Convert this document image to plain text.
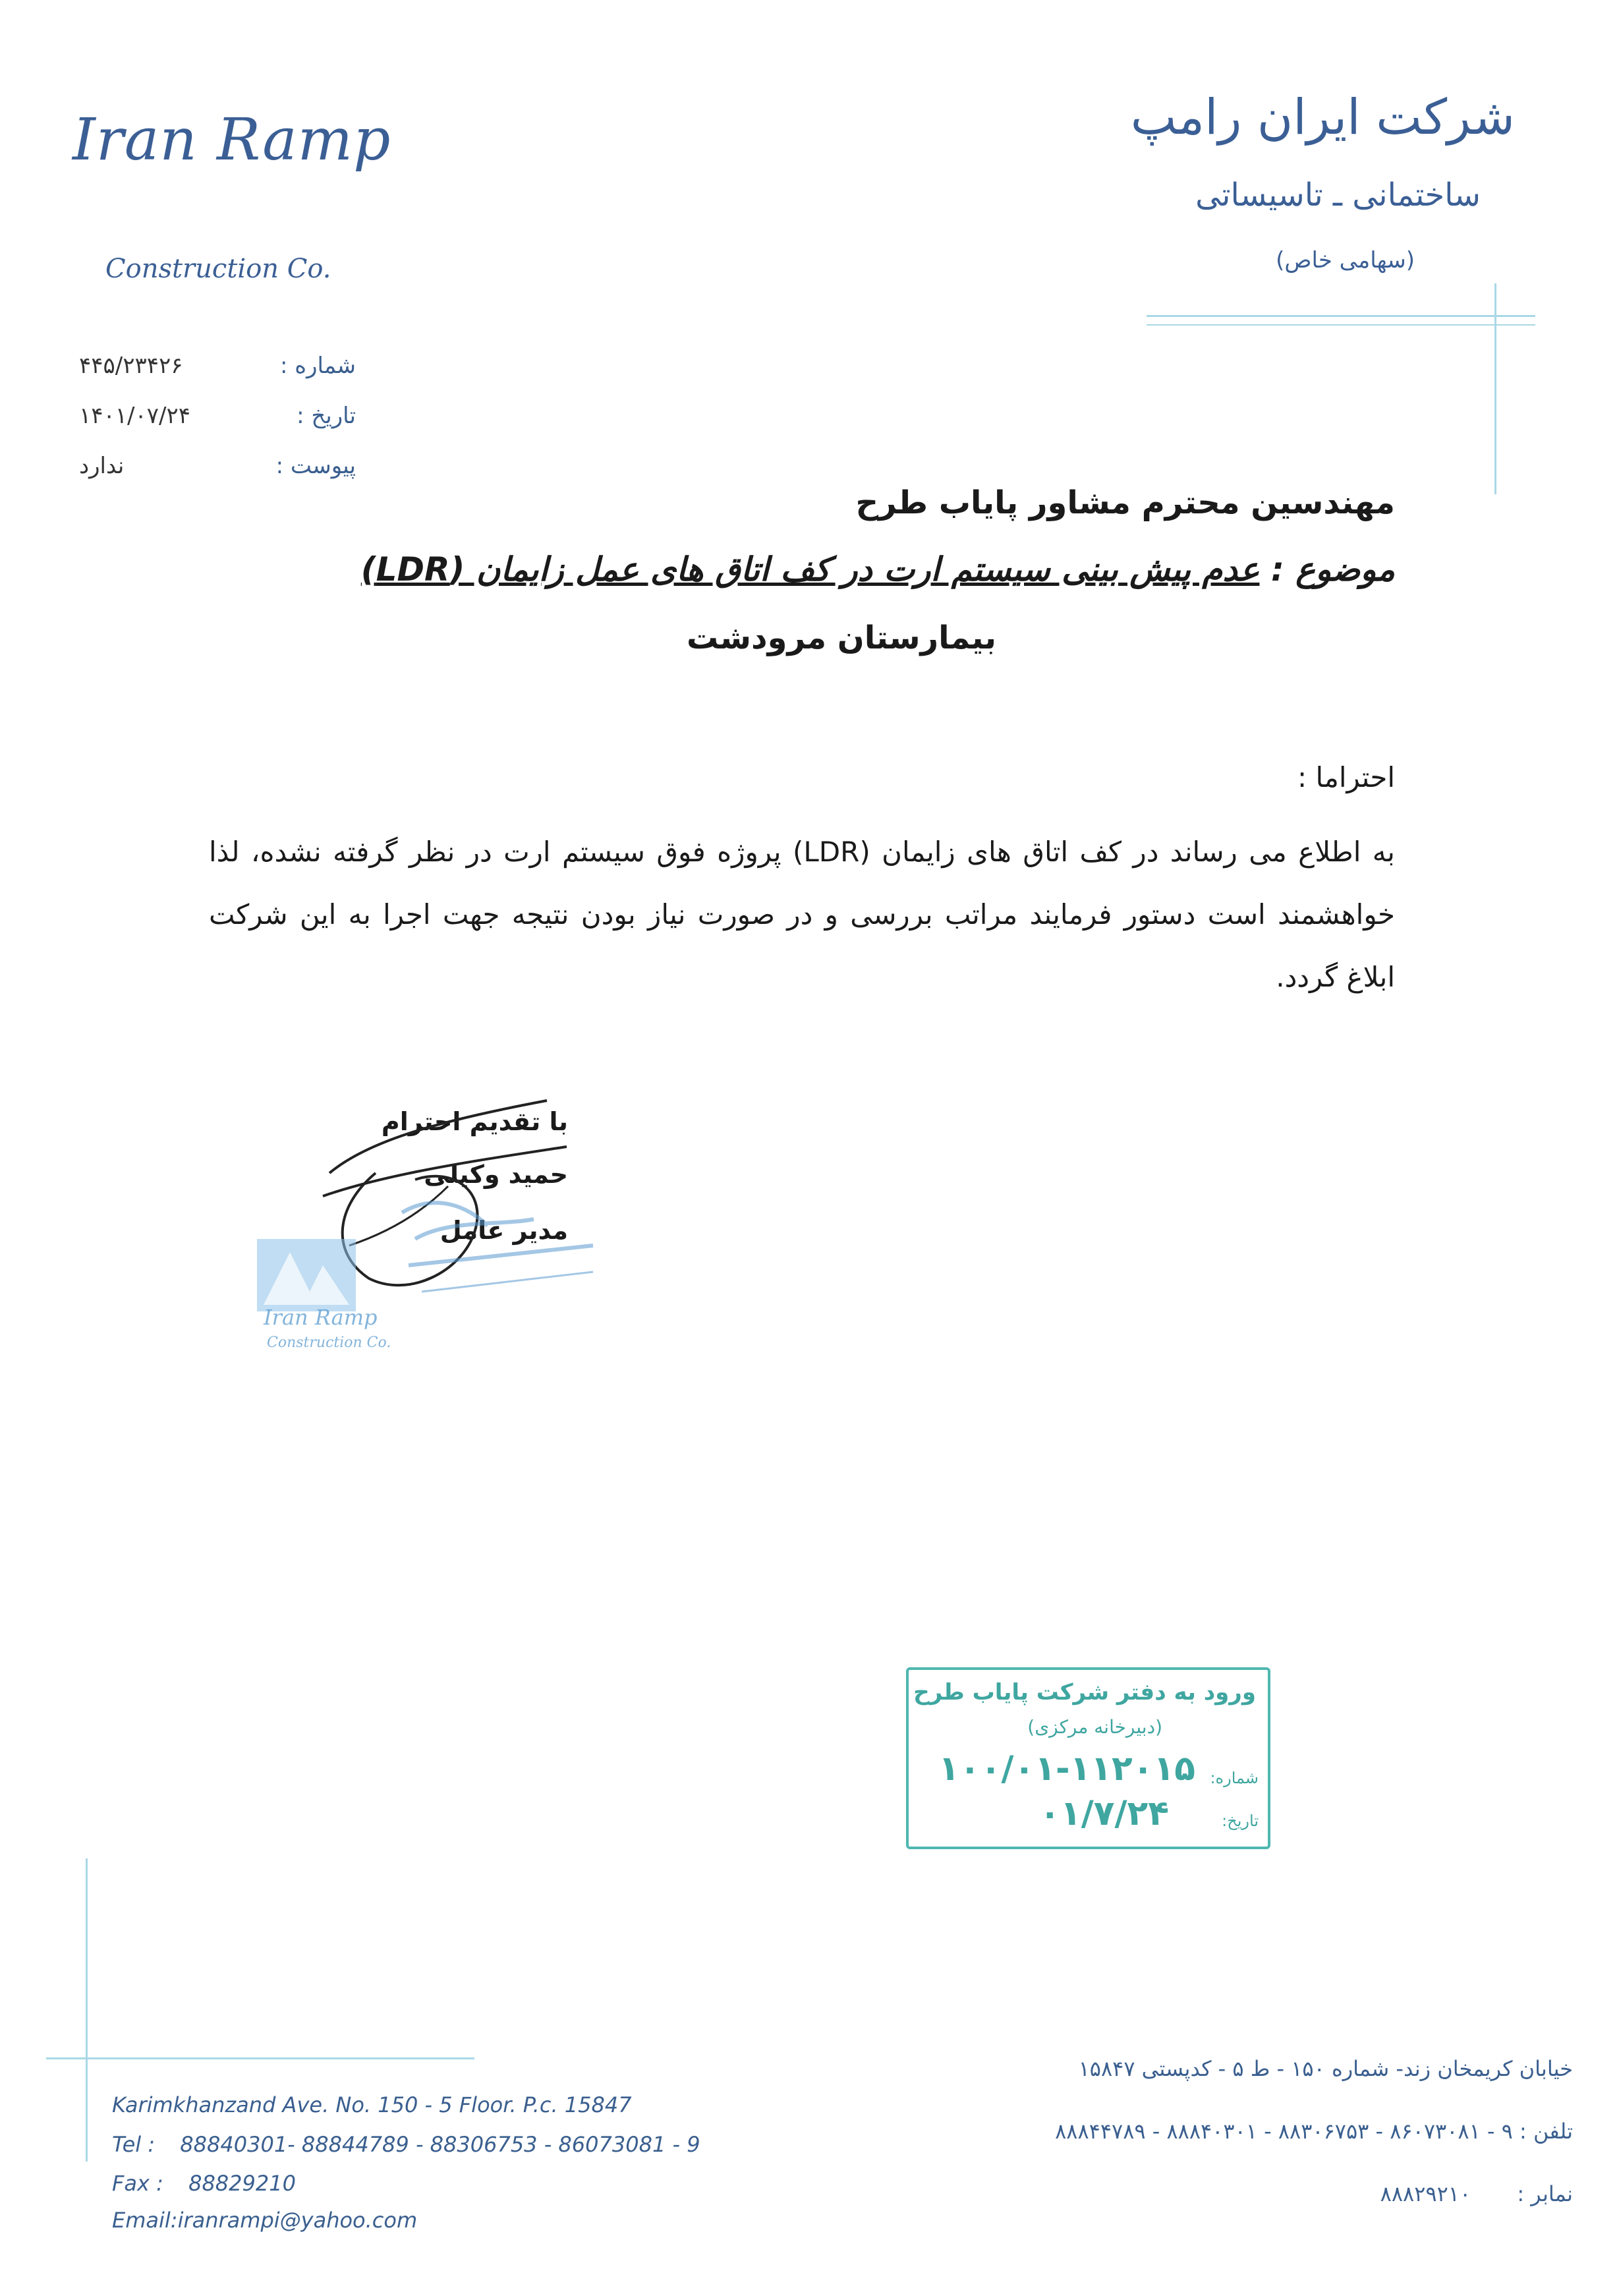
Iran Ramp
Construction Co.
شرکت ایران رامپ
ساختمانی ـ تاسیساتی
(سهامی خاص)
شماره :
۴۴۵/۲۳۴۲۶
تاریخ :
۱۴۰۱/۰۷/۲۴
پیوست :
ندارد
مهندسین محترم مشاور پایاب طرح
موضوع : عدم پیش بینی سیستم ارت در کف اتاق های عمل زایمان (LDR)
بیمارستان مرودشت
احتراما :
به اطلاع می رساند در کف اتاق های زایمان (LDR) پروژه فوق سیستم ارت در نظر گرفته نشده، لذا خواهشمند است دستور فرمایند مراتب بررسی و در صورت نیاز بودن نتیجه جهت اجرا به این شرکت ابلاغ گردد.
با تقدیم احترام
حمید وکیلی
مدیر عامل
Iran Ramp
Construction Co.
ورود به دفتر شرکت پایاب طرح
(دبیرخانه مرکزی)
شماره:
۱۰۰/۰۱-۱۱۲۰۱۵
تاریخ:
۰۱/۷/۲۴
Karimkhanzand Ave. No. 150 - 5 Floor. P.c. 15847
Tel : 88840301- 88844789 - 88306753 - 86073081 - 9
Fax : 88829210
Email:iranrampi@yahoo.com
خیابان کریمخان زند- شماره ۱۵۰ - ط ۵ - کدپستی ۱۵۸۴۷
تلفن : ۹ - ۸۶۰۷۳۰۸۱ - ۸۸۳۰۶۷۵۳ - ۸۸۸۴۰۳۰۱ - ۸۸۸۴۴۷۸۹
نمابر : ۸۸۸۲۹۲۱۰
